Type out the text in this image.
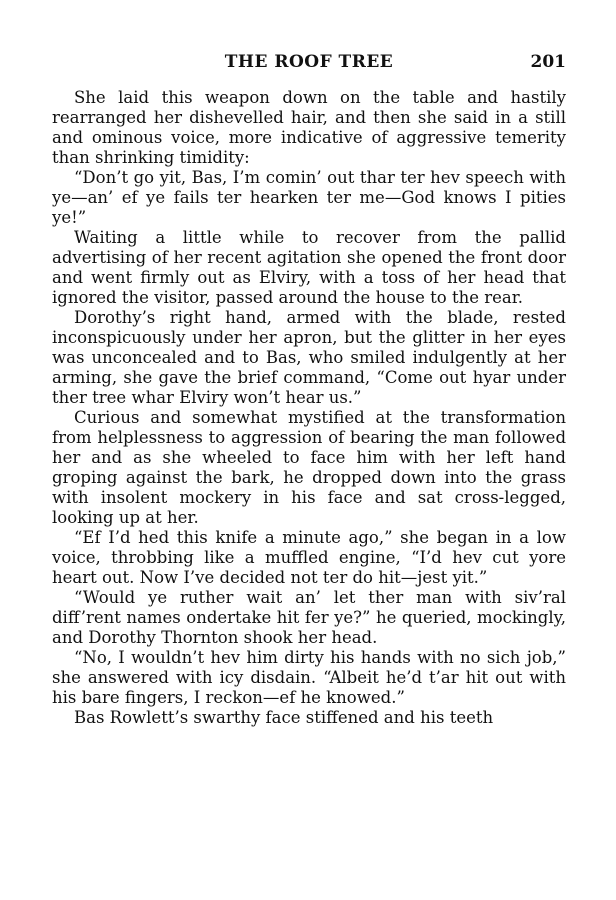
THE ROOF TREE	201

She laid this weapon down on the table and hastily rearranged her dishevelled hair, and then she said in a still and ominous voice, more indicative of aggressive temerity than shrinking timidity:

“Don’t go yit, Bas, I’m comin’ out thar ter hev speech with ye—an’ ef ye fails ter hearken ter me—God knows I pities ye!”

Waiting a little while to recover from the pallid advertising of her recent agitation she opened the front door and went firmly out as Elviry, with a toss of her head that ignored the visitor, passed around the house to the rear.

Dorothy’s right hand, armed with the blade, rested inconspicuously under her apron, but the glitter in her eyes was unconcealed and to Bas, who smiled indulgently at her arming, she gave the brief command, “Come out hyar under ther tree whar Elviry won’t hear us.”

Curious and somewhat mystified at the transformation from helplessness to aggression of bearing the man followed her and as she wheeled to face him with her left hand groping against the bark, he dropped down into the grass with insolent mockery in his face and sat cross-legged, looking up at her.

“Ef I’d hed this knife a minute ago,” she began in a low voice, throbbing like a muffled engine, “I’d hev cut yore heart out. Now I’ve decided not ter do hit—jest yit.”

“Would ye ruther wait an’ let ther man with siv’ral diff’rent names ondertake hit fer ye?” he queried, mockingly, and Dorothy Thornton shook her head.

“No, I wouldn’t hev him dirty his hands with no sich job,” she answered with icy disdain. “Albeit he’d t’ar hit out with his bare fingers, I reckon—ef he knowed.”

Bas Rowlett’s swarthy face stiffened and his teeth
